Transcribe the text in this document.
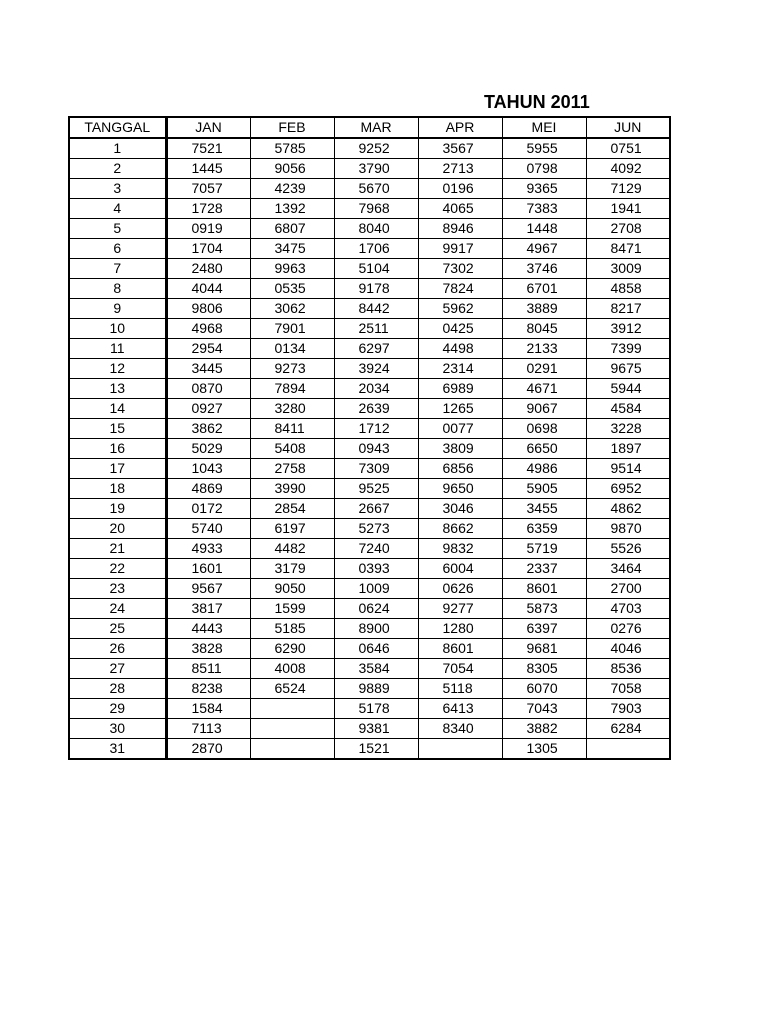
TAHUN 2011
TANGGAL	JAN	FEB	MAR	APR	MEI	JUN
1	7521	5785	9252	3567	5955	0751
2	1445	9056	3790	2713	0798	4092
3	7057	4239	5670	0196	9365	7129
4	1728	1392	7968	4065	7383	1941
5	0919	6807	8040	8946	1448	2708
6	1704	3475	1706	9917	4967	8471
7	2480	9963	5104	7302	3746	3009
8	4044	0535	9178	7824	6701	4858
9	9806	3062	8442	5962	3889	8217
10	4968	7901	2511	0425	8045	3912
11	2954	0134	6297	4498	2133	7399
12	3445	9273	3924	2314	0291	9675
13	0870	7894	2034	6989	4671	5944
14	0927	3280	2639	1265	9067	4584
15	3862	8411	1712	0077	0698	3228
16	5029	5408	0943	3809	6650	1897
17	1043	2758	7309	6856	4986	9514
18	4869	3990	9525	9650	5905	6952
19	0172	2854	2667	3046	3455	4862
20	5740	6197	5273	8662	6359	9870
21	4933	4482	7240	9832	5719	5526
22	1601	3179	0393	6004	2337	3464
23	9567	9050	1009	0626	8601	2700
24	3817	1599	0624	9277	5873	4703
25	4443	5185	8900	1280	6397	0276
26	3828	6290	0646	8601	9681	4046
27	8511	4008	3584	7054	8305	8536
28	8238	6524	9889	5118	6070	7058
29	1584		5178	6413	7043	7903
30	7113		9381	8340	3882	6284
31	2870		1521		1305	
